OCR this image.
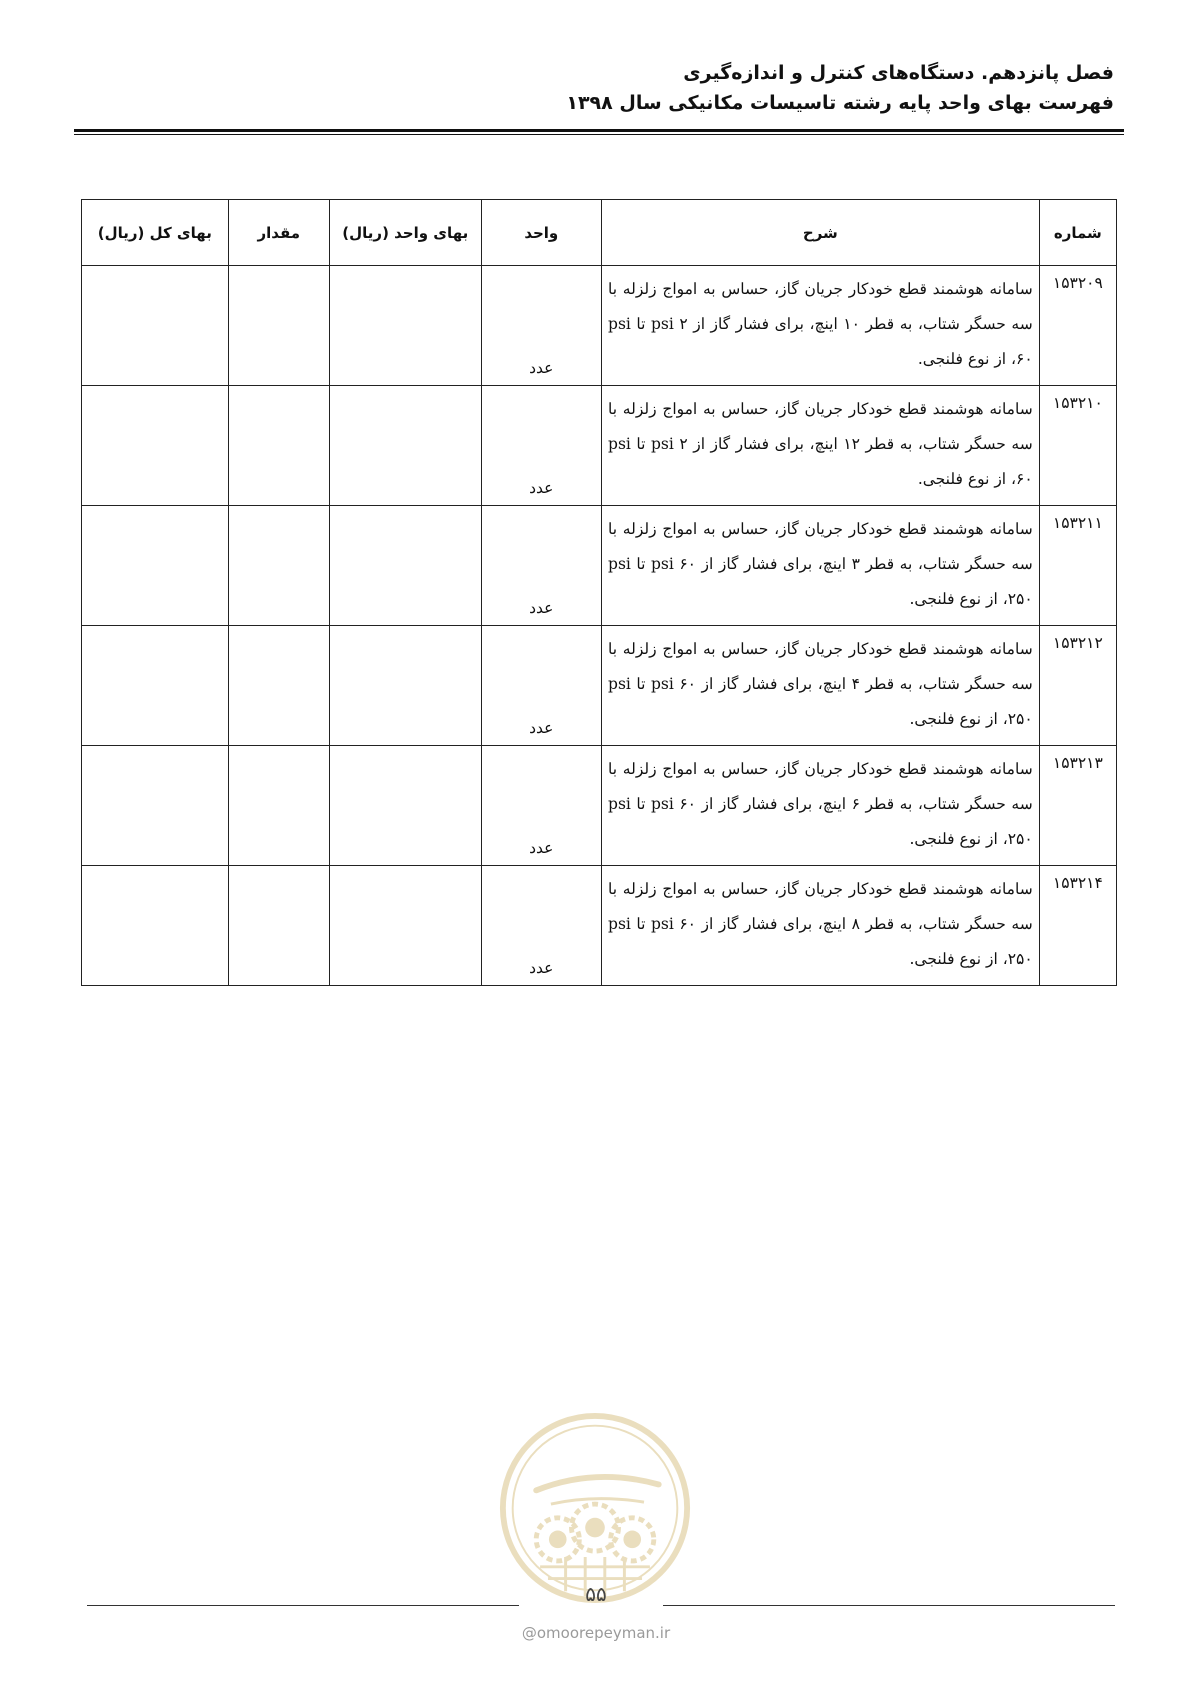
فصل پانزدهم. دستگاه‌های کنترل و اندازه‌گیری
فهرست بهای واحد پایه رشته تاسیسات مکانیکی سال ۱۳۹۸
شماره	شرح	واحد	بهای واحد (ریال)	مقدار	بهای کل (ریال)
۱۵۳۲۰۹	سامانه هوشمند قطع خودکار جریان گاز، حساس به امواج زلزله با سه حسگر شتاب، به قطر ۱۰ اینچ، برای فشار گاز از psi ۲ تا psi ۶۰، از نوع فلنجی.	عدد			
۱۵۳۲۱۰	سامانه هوشمند قطع خودکار جریان گاز، حساس به امواج زلزله با سه حسگر شتاب، به قطر ۱۲ اینچ، برای فشار گاز از psi ۲ تا psi ۶۰، از نوع فلنجی.	عدد			
۱۵۳۲۱۱	سامانه هوشمند قطع خودکار جریان گاز، حساس به امواج زلزله با سه حسگر شتاب، به قطر ۳ اینچ، برای فشار گاز از psi ۶۰ تا psi ۲۵۰، از نوع فلنجی.	عدد			
۱۵۳۲۱۲	سامانه هوشمند قطع خودکار جریان گاز، حساس به امواج زلزله با سه حسگر شتاب، به قطر ۴ اینچ، برای فشار گاز از psi ۶۰ تا psi ۲۵۰، از نوع فلنجی.	عدد			
۱۵۳۲۱۳	سامانه هوشمند قطع خودکار جریان گاز، حساس به امواج زلزله با سه حسگر شتاب، به قطر ۶ اینچ، برای فشار گاز از psi ۶۰ تا psi ۲۵۰، از نوع فلنجی.	عدد			
۱۵۳۲۱۴	سامانه هوشمند قطع خودکار جریان گاز، حساس به امواج زلزله با سه حسگر شتاب، به قطر ۸ اینچ، برای فشار گاز از psi ۶۰ تا psi ۲۵۰، از نوع فلنجی.	عدد			
۵۵
@omoorepeyman.ir
